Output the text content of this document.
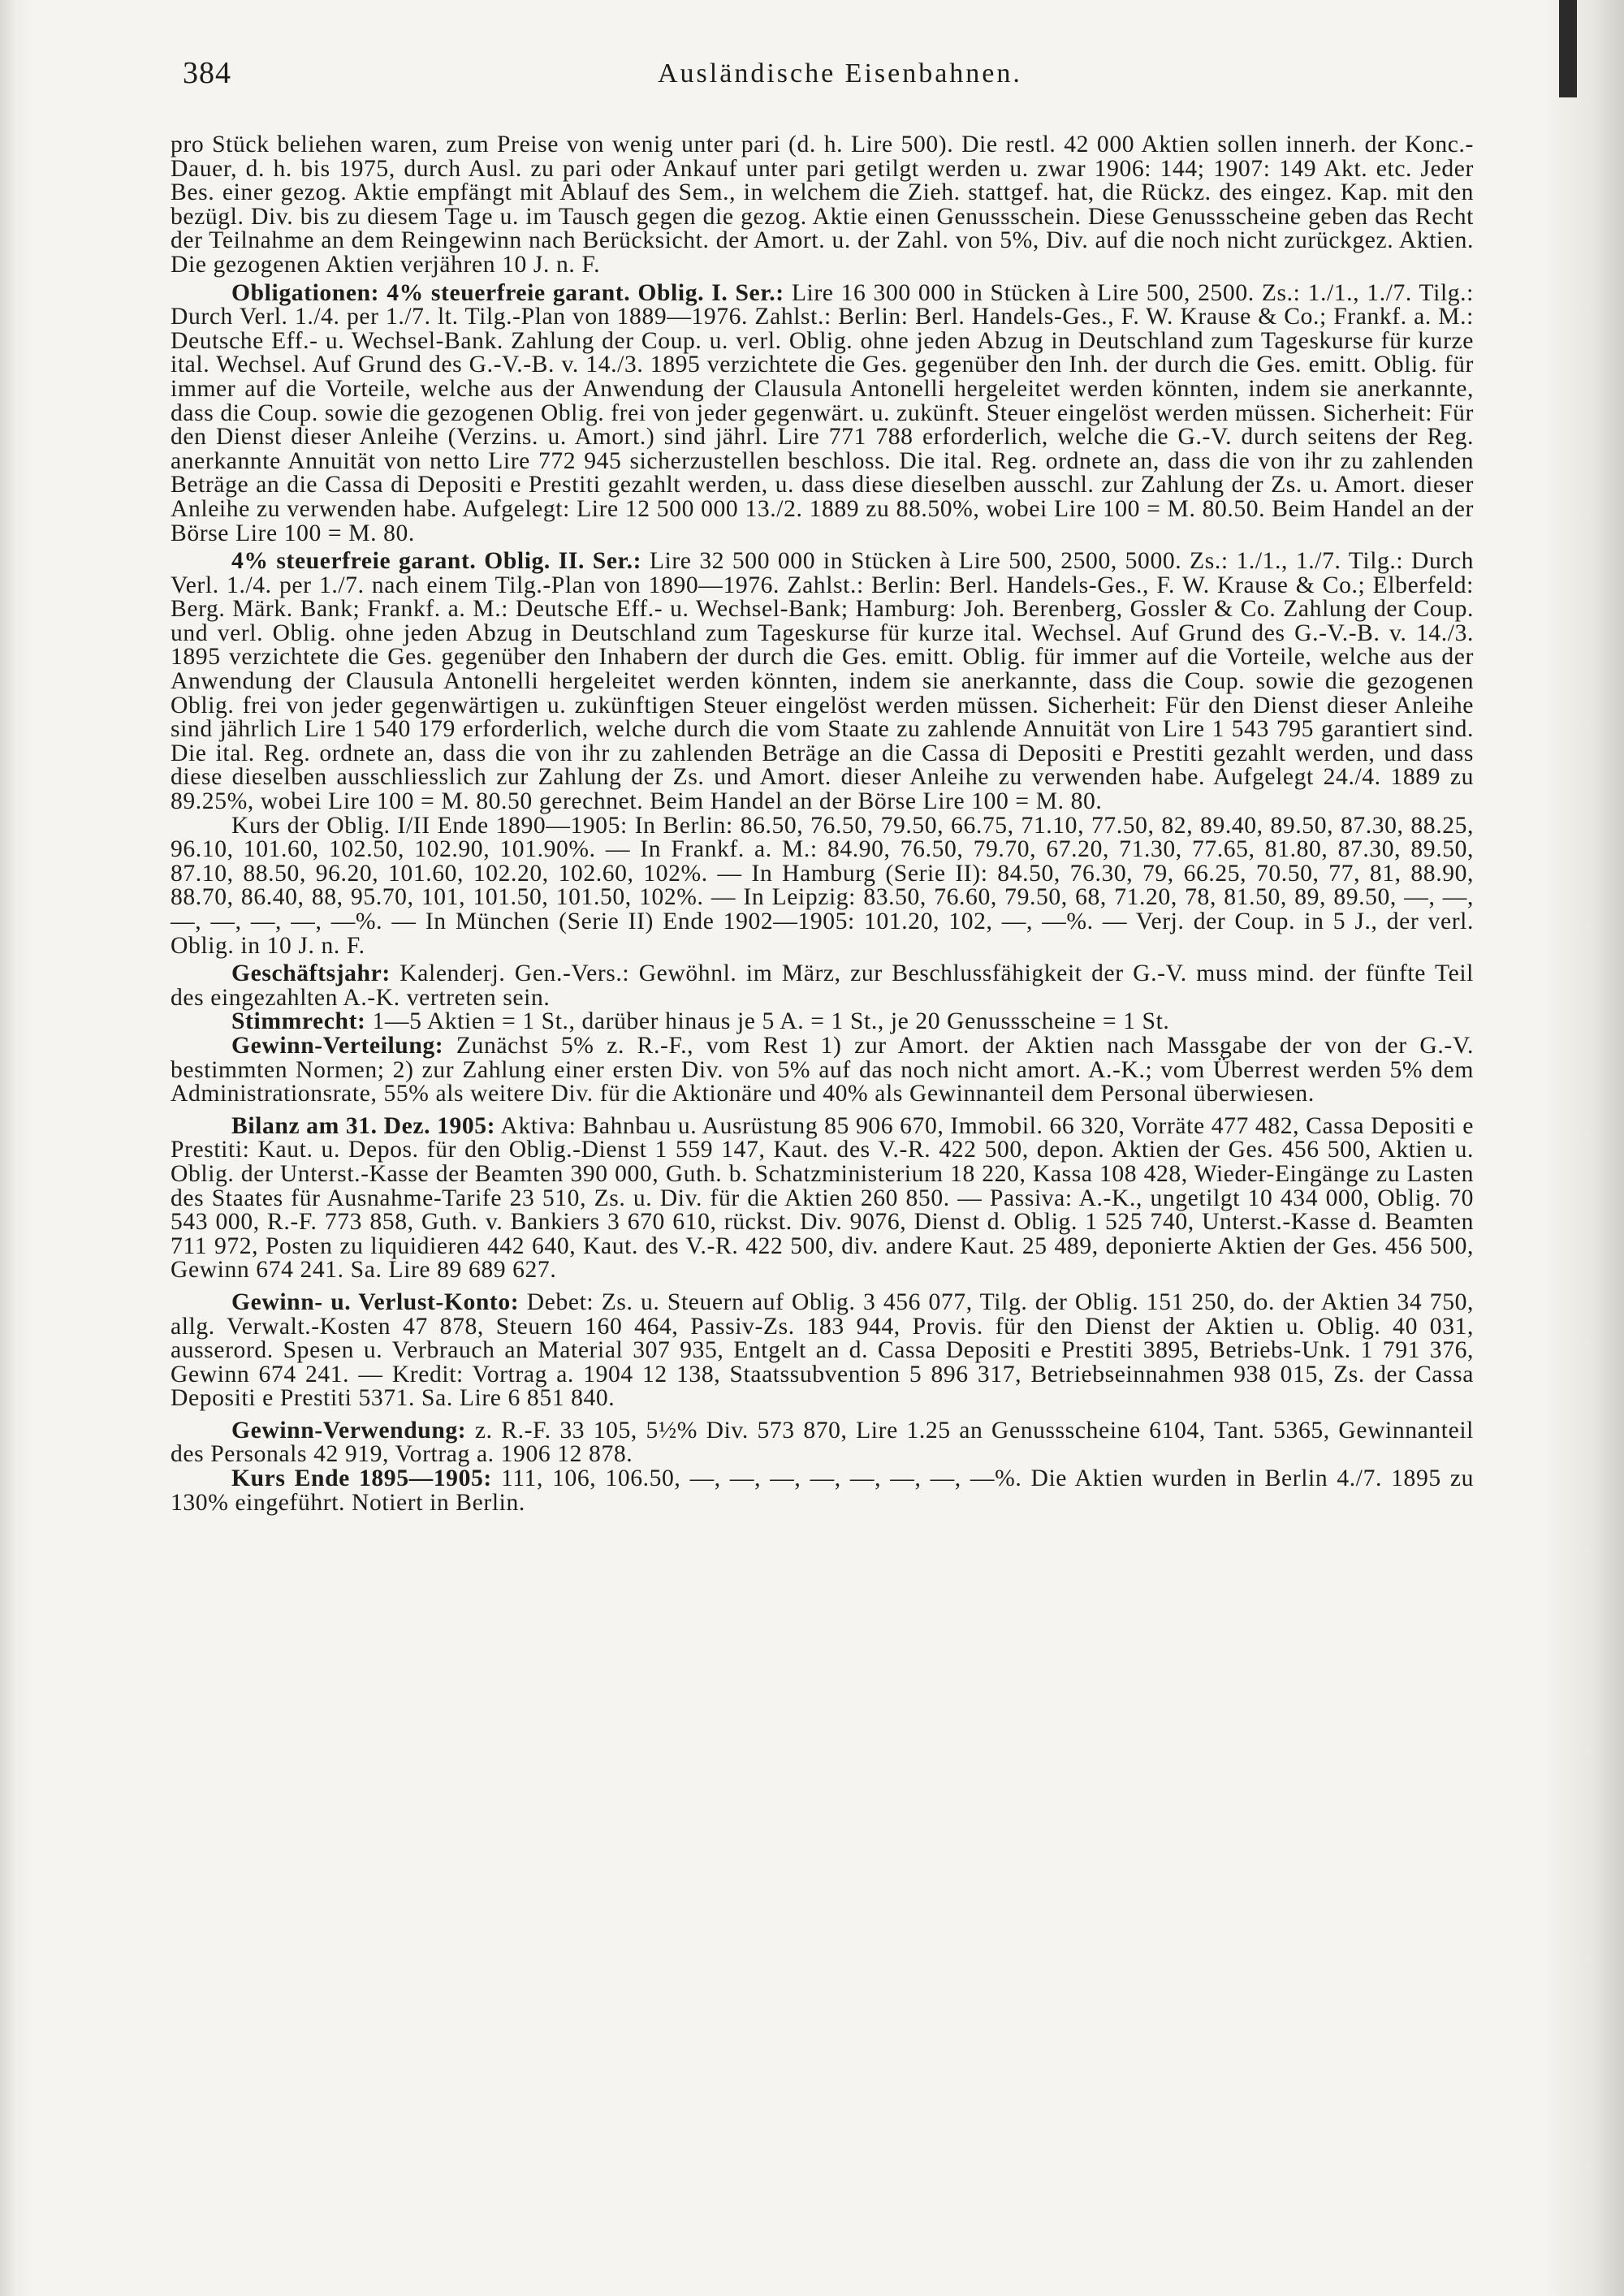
384	Ausländische Eisenbahnen.

pro Stück beliehen waren, zum Preise von wenig unter pari (d. h. Lire 500). Die restl. 42 000 Aktien sollen innerh. der Konc.-Dauer, d. h. bis 1975, durch Ausl. zu pari oder Ankauf unter pari getilgt werden u. zwar 1906: 144; 1907: 149 Akt. etc. Jeder Bes. einer gezog. Aktie empfängt mit Ablauf des Sem., in welchem die Zieh. stattgef. hat, die Rückz. des eingez. Kap. mit den bezügl. Div. bis zu diesem Tage u. im Tausch gegen die gezog. Aktie einen Genussschein. Diese Genussscheine geben das Recht der Teilnahme an dem Reingewinn nach Berücksicht. der Amort. u. der Zahl. von 5%, Div. auf die noch nicht zurückgez. Aktien. Die gezogenen Aktien verjähren 10 J. n. F.

Obligationen: 4% steuerfreie garant. Oblig. I. Ser.: Lire 16 300 000 in Stücken à Lire 500, 2500. Zs.: 1./1., 1./7. Tilg.: Durch Verl. 1./4. per 1./7. lt. Tilg.-Plan von 1889—1976. Zahlst.: Berlin: Berl. Handels-Ges., F. W. Krause & Co.; Frankf. a. M.: Deutsche Eff.- u. Wechsel-Bank. Zahlung der Coup. u. verl. Oblig. ohne jeden Abzug in Deutschland zum Tageskurse für kurze ital. Wechsel. Auf Grund des G.-V.-B. v. 14./3. 1895 verzichtete die Ges. gegenüber den Inh. der durch die Ges. emitt. Oblig. für immer auf die Vorteile, welche aus der Anwendung der Clausula Antonelli hergeleitet werden könnten, indem sie anerkannte, dass die Coup. sowie die gezogenen Oblig. frei von jeder gegenwärt. u. zukünft. Steuer eingelöst werden müssen. Sicherheit: Für den Dienst dieser Anleihe (Verzins. u. Amort.) sind jährl. Lire 771 788 erforderlich, welche die G.-V. durch seitens der Reg. anerkannte Annuität von netto Lire 772 945 sicherzustellen beschloss. Die ital. Reg. ordnete an, dass die von ihr zu zahlenden Beträge an die Cassa di Depositi e Prestiti gezahlt werden, u. dass diese dieselben ausschl. zur Zahlung der Zs. u. Amort. dieser Anleihe zu verwenden habe. Aufgelegt: Lire 12 500 000 13./2. 1889 zu 88.50%, wobei Lire 100 = M. 80.50. Beim Handel an der Börse Lire 100 = M. 80.

4% steuerfreie garant. Oblig. II. Ser.: Lire 32 500 000 in Stücken à Lire 500, 2500, 5000. Zs.: 1./1., 1./7. Tilg.: Durch Verl. 1./4. per 1./7. nach einem Tilg.-Plan von 1890—1976. Zahlst.: Berlin: Berl. Handels-Ges., F. W. Krause & Co.; Elberfeld: Berg. Märk. Bank; Frankf. a. M.: Deutsche Eff.- u. Wechsel-Bank; Hamburg: Joh. Berenberg, Gossler & Co. Zahlung der Coup. und verl. Oblig. ohne jeden Abzug in Deutschland zum Tageskurse für kurze ital. Wechsel. Auf Grund des G.-V.-B. v. 14./3. 1895 verzichtete die Ges. gegenüber den Inhabern der durch die Ges. emitt. Oblig. für immer auf die Vorteile, welche aus der Anwendung der Clausula Antonelli hergeleitet werden könnten, indem sie anerkannte, dass die Coup. sowie die gezogenen Oblig. frei von jeder gegenwärtigen u. zukünftigen Steuer eingelöst werden müssen. Sicherheit: Für den Dienst dieser Anleihe sind jährlich Lire 1 540 179 erforderlich, welche durch die vom Staate zu zahlende Annuität von Lire 1 543 795 garantiert sind. Die ital. Reg. ordnete an, dass die von ihr zu zahlenden Beträge an die Cassa di Depositi e Prestiti gezahlt werden, und dass diese dieselben ausschliesslich zur Zahlung der Zs. und Amort. dieser Anleihe zu verwenden habe. Aufgelegt 24./4. 1889 zu 89.25%, wobei Lire 100 = M. 80.50 gerechnet. Beim Handel an der Börse Lire 100 = M. 80.

Kurs der Oblig. I/II Ende 1890—1905: In Berlin: 86.50, 76.50, 79.50, 66.75, 71.10, 77.50, 82, 89.40, 89.50, 87.30, 88.25, 96.10, 101.60, 102.50, 102.90, 101.90%. — In Frankf. a. M.: 84.90, 76.50, 79.70, 67.20, 71.30, 77.65, 81.80, 87.30, 89.50, 87.10, 88.50, 96.20, 101.60, 102.20, 102.60, 102%. — In Hamburg (Serie II): 84.50, 76.30, 79, 66.25, 70.50, 77, 81, 88.90, 88.70, 86.40, 88, 95.70, 101, 101.50, 101.50, 102%. — In Leipzig: 83.50, 76.60, 79.50, 68, 71.20, 78, 81.50, 89, 89.50, —, —, —, —, —, —, —%. — In München (Serie II) Ende 1902—1905: 101.20, 102, —, —%. — Verj. der Coup. in 5 J., der verl. Oblig. in 10 J. n. F.

Geschäftsjahr: Kalenderj. Gen.-Vers.: Gewöhnl. im März, zur Beschlussfähigkeit der G.-V. muss mind. der fünfte Teil des eingezahlten A.-K. vertreten sein.

Stimmrecht: 1—5 Aktien = 1 St., darüber hinaus je 5 A. = 1 St., je 20 Genussscheine = 1 St.

Gewinn-Verteilung: Zunächst 5% z. R.-F., vom Rest 1) zur Amort. der Aktien nach Massgabe der von der G.-V. bestimmten Normen; 2) zur Zahlung einer ersten Div. von 5% auf das noch nicht amort. A.-K.; vom Überrest werden 5% dem Administrationsrate, 55% als weitere Div. für die Aktionäre und 40% als Gewinnanteil dem Personal überwiesen.

Bilanz am 31. Dez. 1905: Aktiva: Bahnbau u. Ausrüstung 85 906 670, Immobil. 66 320, Vorräte 477 482, Cassa Depositi e Prestiti: Kaut. u. Depos. für den Oblig.-Dienst 1 559 147, Kaut. des V.-R. 422 500, depon. Aktien der Ges. 456 500, Aktien u. Oblig. der Unterst.-Kasse der Beamten 390 000, Guth. b. Schatzministerium 18 220, Kassa 108 428, Wieder-Eingänge zu Lasten des Staates für Ausnahme-Tarife 23 510, Zs. u. Div. für die Aktien 260 850. — Passiva: A.-K., ungetilgt 10 434 000, Oblig. 70 543 000, R.-F. 773 858, Guth. v. Bankiers 3 670 610, rückst. Div. 9076, Dienst d. Oblig. 1 525 740, Unterst.-Kasse d. Beamten 711 972, Posten zu liquidieren 442 640, Kaut. des V.-R. 422 500, div. andere Kaut. 25 489, deponierte Aktien der Ges. 456 500, Gewinn 674 241. Sa. Lire 89 689 627.

Gewinn- u. Verlust-Konto: Debet: Zs. u. Steuern auf Oblig. 3 456 077, Tilg. der Oblig. 151 250, do. der Aktien 34 750, allg. Verwalt.-Kosten 47 878, Steuern 160 464, Passiv-Zs. 183 944, Provis. für den Dienst der Aktien u. Oblig. 40 031, ausserord. Spesen u. Verbrauch an Material 307 935, Entgelt an d. Cassa Depositi e Prestiti 3895, Betriebs-Unk. 1 791 376, Gewinn 674 241. — Kredit: Vortrag a. 1904 12 138, Staatssubvention 5 896 317, Betriebseinnahmen 938 015, Zs. der Cassa Depositi e Prestiti 5371. Sa. Lire 6 851 840.

Gewinn-Verwendung: z. R.-F. 33 105, 5½% Div. 573 870, Lire 1.25 an Genussscheine 6104, Tant. 5365, Gewinnanteil des Personals 42 919, Vortrag a. 1906 12 878.

Kurs Ende 1895—1905: 111, 106, 106.50, —, —, —, —, —, —, —, —%. Die Aktien wurden in Berlin 4./7. 1895 zu 130% eingeführt. Notiert in Berlin.
